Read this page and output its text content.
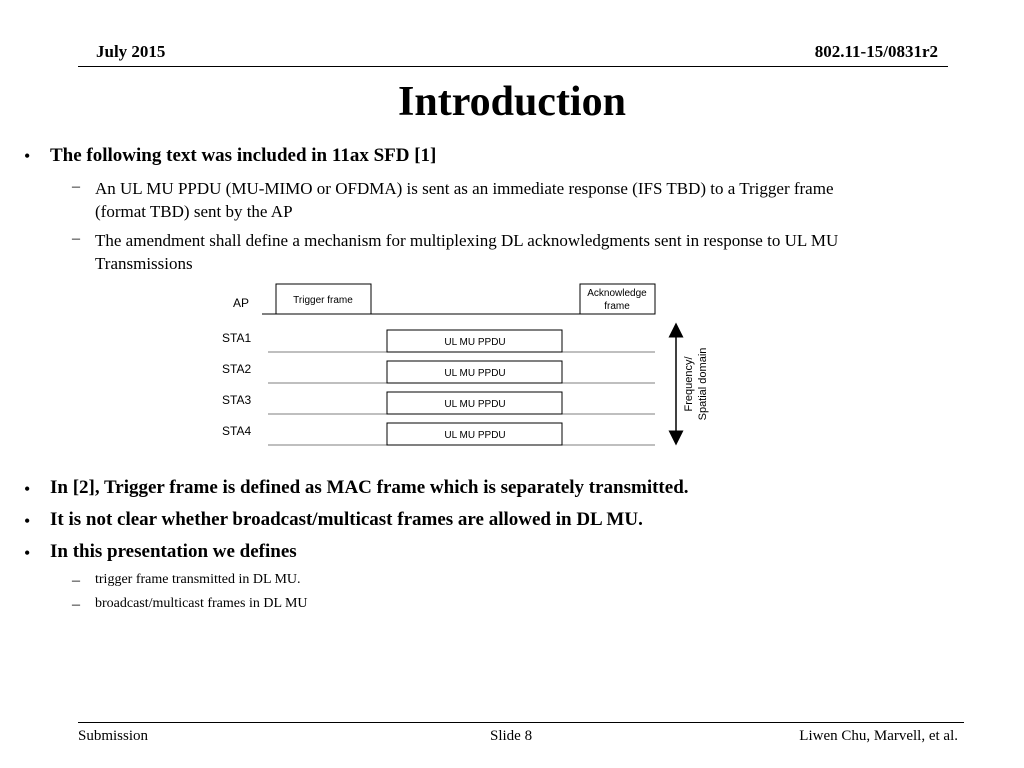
July 2015	802.11-15/0831r2
Introduction
• The following text was included in 11ax SFD [1]
– An UL MU PPDU (MU-MIMO or OFDMA) is sent as an immediate response (IFS TBD) to a Trigger frame
(format TBD) sent by the AP
– The amendment shall define a mechanism for multiplexing DL acknowledgments sent in response to UL MU
Transmissions
AP	Trigger frame
Acknowledge
frame
STA1	UL MU PPDU
STA2	UL MU PPDU
STA3	UL MU PPDU
STA4	UL MU PPDU
Frequency/ Spatial domain
• In [2], Trigger frame is defined as MAC frame which is separately transmitted.
• It is not clear whether broadcast/multicast frames are allowed in DL MU.
• In this presentation we defines
– trigger frame transmitted in DL MU.
– broadcast/multicast frames in DL MU
Submission	Slide 8	Liwen Chu, Marvell, et al.
